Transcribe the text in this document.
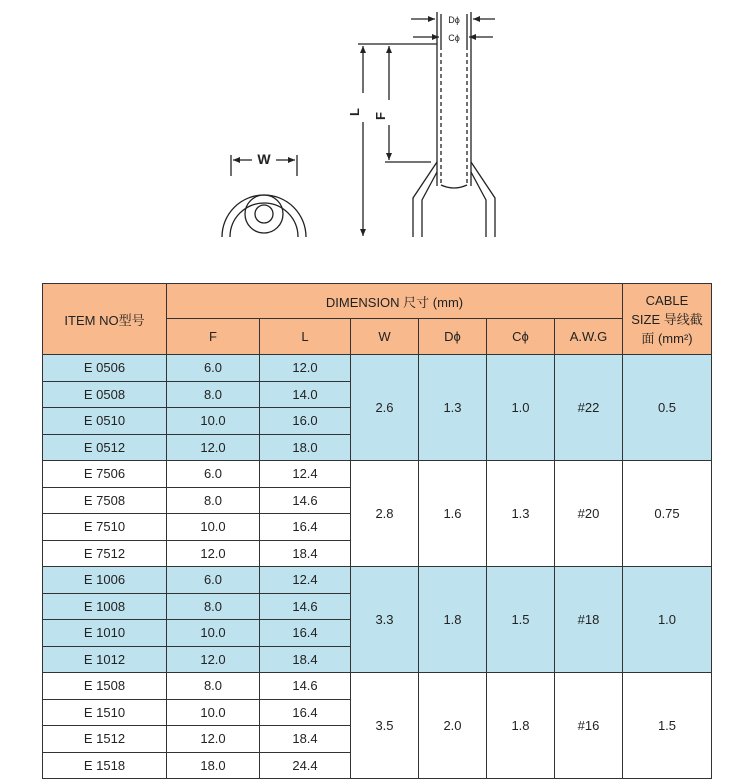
W
L
F
Dϕ
Cϕ
ITEM NO型号	DIMENSION 尺寸 (mm)						CABLE
SIZE 导线截
面 (mm²)

	F	L	W	Dϕ	Cϕ	A.W.G	
E 0506	6.0	12.0	2.6	1.3	1.0	#22	0.5
E 0508	8.0	14.0					
E 0510	10.0	16.0					
E 0512	12.0	18.0					
E 7506	6.0	12.4	2.8	1.6	1.3	#20	0.75
E 7508	8.0	14.6					
E 7510	10.0	16.4					
E 7512	12.0	18.4					
E 1006	6.0	12.4	3.3	1.8	1.5	#18	1.0
E 1008	8.0	14.6					
E 1010	10.0	16.4					
E 1012	12.0	18.4					
E 1508	8.0	14.6	3.5	2.0	1.8	#16	1.5
E 1510	10.0	16.4					
E 1512	12.0	18.4					
E 1518	18.0	24.4					
